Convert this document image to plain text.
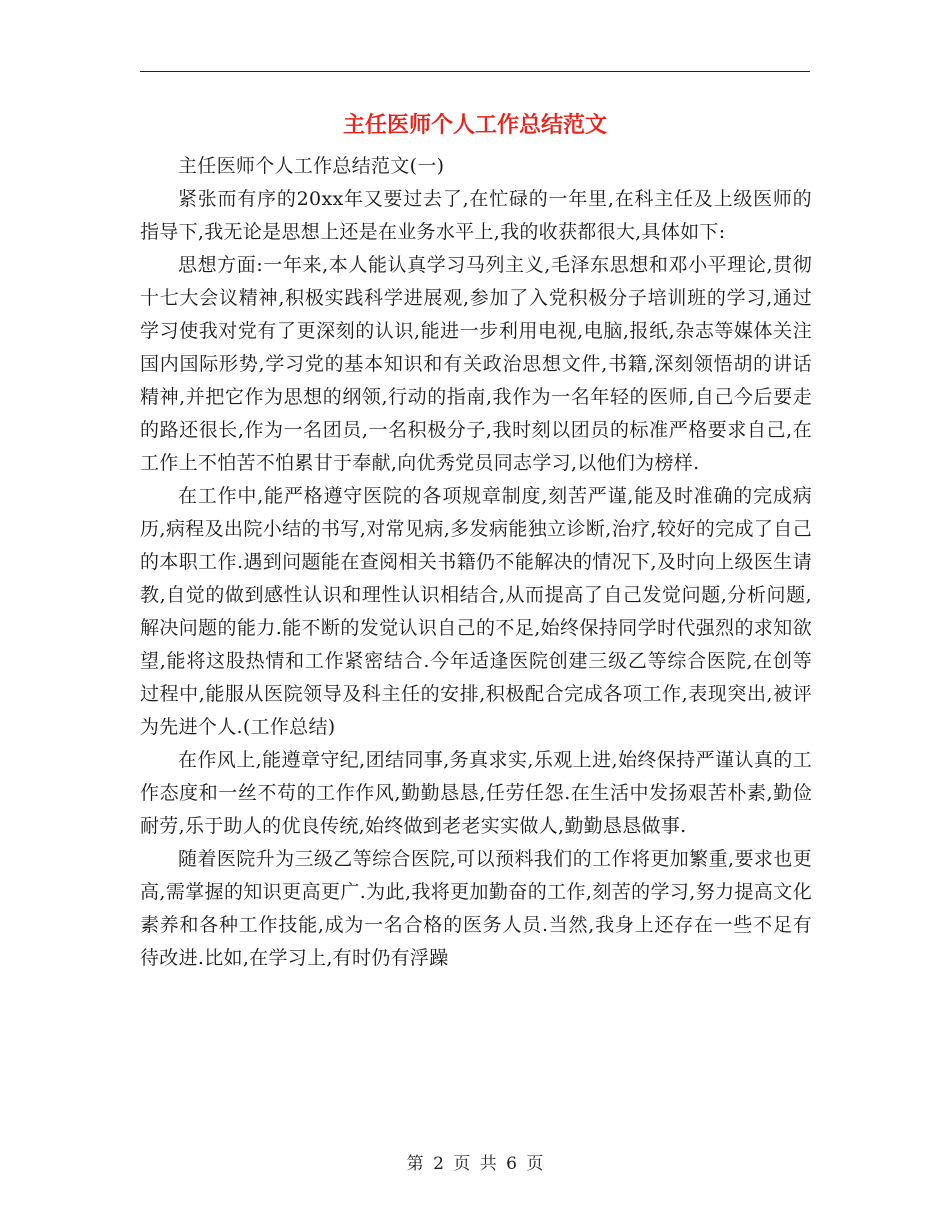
主任医师个人工作总结范文

主任医师个人工作总结范文(一)

紧张而有序的20xx年又要过去了,在忙碌的一年里,在科主任及上级医师的指导下,我无论是思想上还是在业务水平上,我的收获都很大,具体如下:

思想方面:一年来,本人能认真学习马列主义,毛泽东思想和邓小平理论,贯彻十七大会议精神,积极实践科学进展观,参加了入党积极分子培训班的学习,通过学习使我对党有了更深刻的认识,能进一步利用电视,电脑,报纸,杂志等媒体关注国内国际形势,学习党的基本知识和有关政治思想文件,书籍,深刻领悟胡的讲话精神,并把它作为思想的纲领,行动的指南,我作为一名年轻的医师,自己今后要走的路还很长,作为一名团员,一名积极分子,我时刻以团员的标准严格要求自己,在工作上不怕苦不怕累甘于奉献,向优秀党员同志学习,以他们为榜样.

在工作中,能严格遵守医院的各项规章制度,刻苦严谨,能及时准确的完成病历,病程及出院小结的书写,对常见病,多发病能独立诊断,治疗,较好的完成了自己的本职工作.遇到问题能在查阅相关书籍仍不能解决的情况下,及时向上级医生请教,自觉的做到感性认识和理性认识相结合,从而提高了自己发觉问题,分析问题,解决问题的能力.能不断的发觉认识自己的不足,始终保持同学时代强烈的求知欲望,能将这股热情和工作紧密结合.今年适逢医院创建三级乙等综合医院,在创等过程中,能服从医院领导及科主任的安排,积极配合完成各项工作,表现突出,被评为先进个人.(工作总结)

在作风上,能遵章守纪,团结同事,务真求实,乐观上进,始终保持严谨认真的工作态度和一丝不苟的工作作风,勤勤恳恳,任劳任怨.在生活中发扬艰苦朴素,勤俭耐劳,乐于助人的优良传统,始终做到老老实实做人,勤勤恳恳做事.

随着医院升为三级乙等综合医院,可以预料我们的工作将更加繁重,要求也更高,需掌握的知识更高更广.为此,我将更加勤奋的工作,刻苦的学习,努力提高文化素养和各种工作技能,成为一名合格的医务人员.当然,我身上还存在一些不足有待改进.比如,在学习上,有时仍有浮躁

第 2 页 共 6 页
